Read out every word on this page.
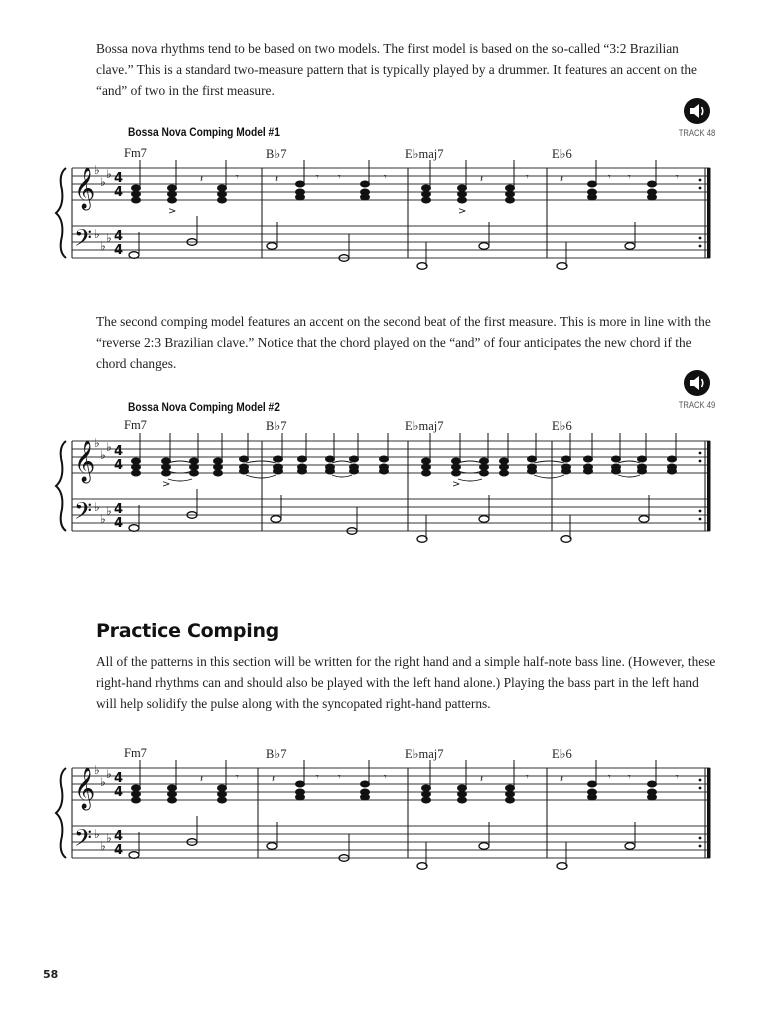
Bossa nova rhythms tend to be based on two models. The first model is based on the so-called “3:2 Brazilian clave.” This is a standard two-measure pattern that is typically played by a drummer. It features an accent on the “and” of two in the first measure.
TRACK 48
Bossa Nova Comping Model #1
Fm7	B♭7	E♭maj7	E♭6
𝄞
𝄢
♭
♭
♭
♭
♭
♭
4
4
4
4
>	>
𝄽	𝄾	𝄽	𝄾 𝄾	𝄾	𝄽	𝄾	𝄽	𝄾 𝄾	𝄾
The second comping model features an accent on the second beat of the first measure. This is more in line with the “reverse 2:3 Brazilian clave.” Notice that the chord played on the “and” of four anticipates the new chord if the chord changes.
TRACK 49
Bossa Nova Comping Model #2
Fm7	B♭7	E♭maj7	E♭6
𝄞
𝄢
♭
♭
♭
♭
♭
♭
4
4
4
4
>	>
Practice Comping
All of the patterns in this section will be written for the right hand and a simple half-note bass line. (However, these right-hand rhythms can and should also be played with the left hand alone.) Playing the bass part in the left hand will help solidify the pulse along with the syncopated right-hand patterns.
Fm7	B♭7	E♭maj7	E♭6
𝄞
𝄢
♭
♭
♭
♭
♭
♭
4
4
4
4
𝄽	𝄾	𝄽	𝄾 𝄾	𝄾	𝄽	𝄾	𝄽	𝄾 𝄾	𝄾
58
